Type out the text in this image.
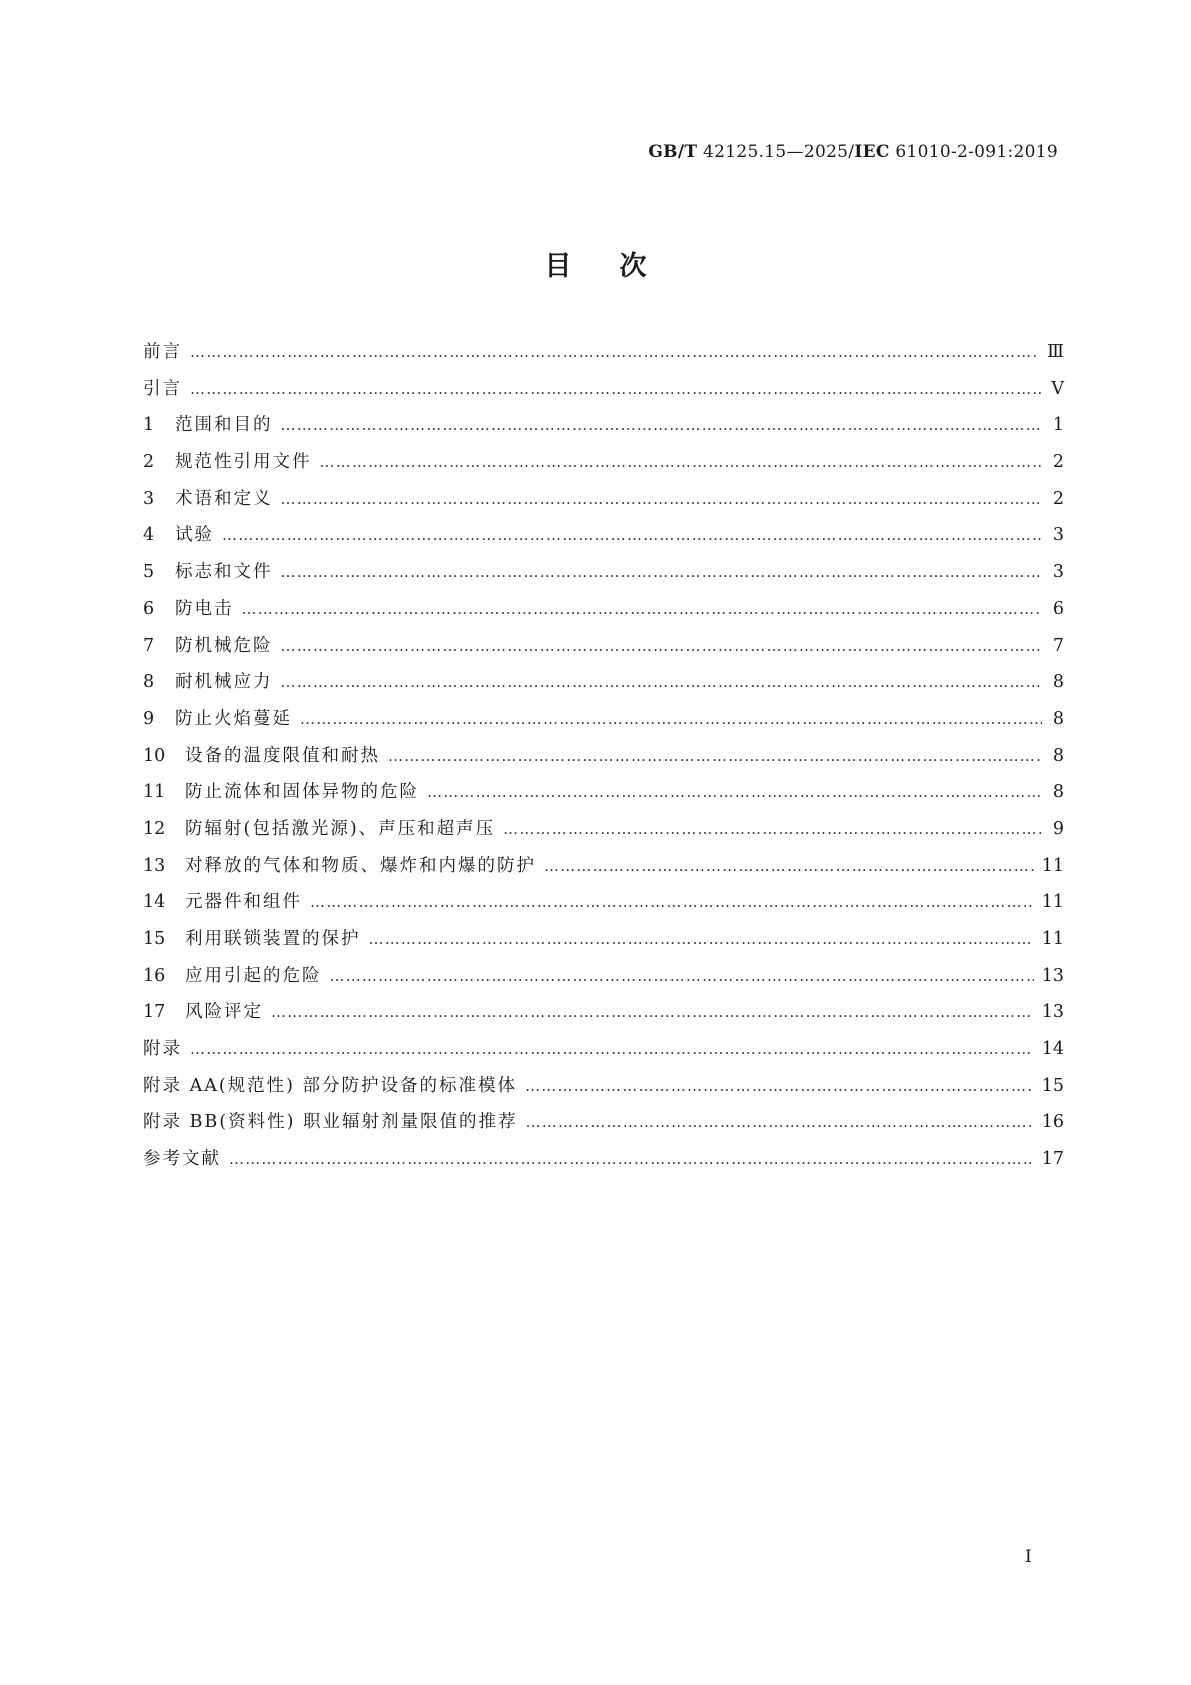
GB/T 42125.15—2025/IEC 61010-2-091:2019
目次
前言 ………………………………………………………………………………………………………………………………………………………………………………………………………………	Ⅲ
引言 ………………………………………………………………………………………………………………………………………………………………………………………………………………	Ⅴ
1	范围和目的 ………………………………………………………………………………………………………………………………………………………………………………………………………………	1
2	规范性引用文件 ………………………………………………………………………………………………………………………………………………………………………………………………………………	2
3	术语和定义 ………………………………………………………………………………………………………………………………………………………………………………………………………………	2
4	试验 ………………………………………………………………………………………………………………………………………………………………………………………………………………	3
5	标志和文件 ………………………………………………………………………………………………………………………………………………………………………………………………………………	3
6	防电击 ………………………………………………………………………………………………………………………………………………………………………………………………………………	6
7	防机械危险 ………………………………………………………………………………………………………………………………………………………………………………………………………………	7
8	耐机械应力 ………………………………………………………………………………………………………………………………………………………………………………………………………………	8
9	防止火焰蔓延 ………………………………………………………………………………………………………………………………………………………………………………………………………………	8
10	设备的温度限值和耐热 ………………………………………………………………………………………………………………………………………………………………………………………………………………	8
11	防止流体和固体异物的危险 ………………………………………………………………………………………………………………………………………………………………………………………………………………	8
12	防辐射(包括激光源)、声压和超声压 ………………………………………………………………………………………………………………………………………………………………………………………………………………	9
13	对释放的气体和物质、爆炸和内爆的防护 ………………………………………………………………………………………………………………………………………………………………………………………………………………	11
14	元器件和组件 ………………………………………………………………………………………………………………………………………………………………………………………………………………	11
15	利用联锁装置的保护 ………………………………………………………………………………………………………………………………………………………………………………………………………………	11
16	应用引起的危险 ………………………………………………………………………………………………………………………………………………………………………………………………………………	13
17	风险评定 ………………………………………………………………………………………………………………………………………………………………………………………………………………	13
附录 ………………………………………………………………………………………………………………………………………………………………………………………………………………	14
附录 AA(规范性) 部分防护设备的标准模体 ………………………………………………………………………………………………………………………………………………………………………………………………………………	15
附录 BB(资料性) 职业辐射剂量限值的推荐 ………………………………………………………………………………………………………………………………………………………………………………………………………………	16
参考文献 ………………………………………………………………………………………………………………………………………………………………………………………………………………	17
I
